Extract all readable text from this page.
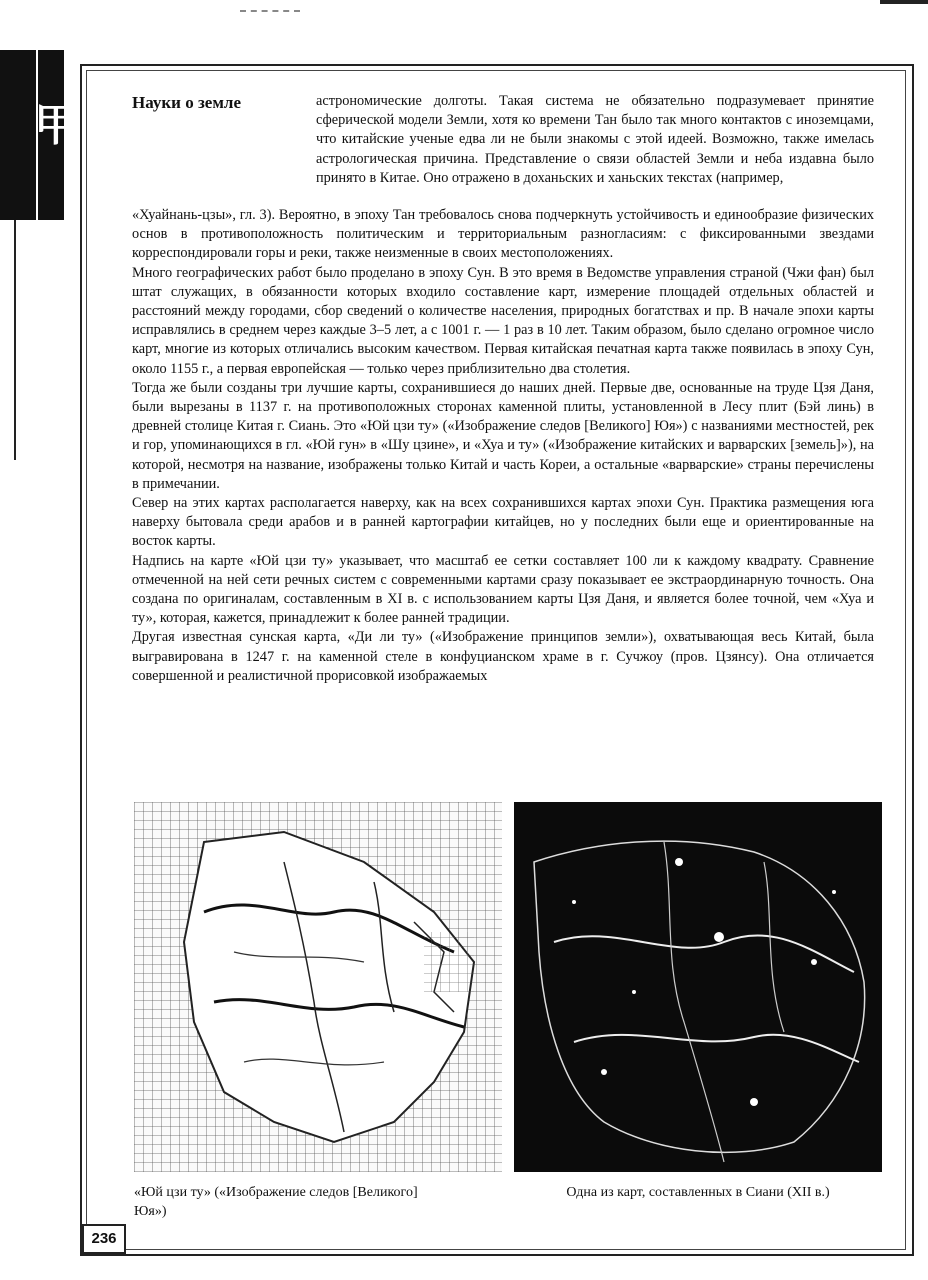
甲	Науки о земле	астрономические долготы. Такая система не обязательно подразумевает принятие сферической модели Земли, хотя ко времени Тан было так много контактов с иноземцами, что китайские ученые едва ли не были знакомы с этой идеей. Возможно, также имелась астрологическая причина. Представление о связи областей Земли и неба издавна было принято в Китае. Оно отражено в доханьских и ханьских текстах (например,

«Хуайнань-цзы», гл. 3). Вероятно, в эпоху Тан требовалось снова подчеркнуть устойчивость и единообразие физических основ в противоположность политическим и территориальным разногласиям: с фиксированными звездами корреспондировали горы и реки, также неизменные в своих местоположениях.

Много географических работ было проделано в эпоху Сун. В это время в Ведомстве управления страной (Чжи фан) был штат служащих, в обязанности которых входило составление карт, измерение площадей отдельных областей и расстояний между городами, сбор сведений о количестве населения, природных богатствах и пр. В начале эпохи карты исправлялись в среднем через каждые 3–5 лет, а с 1001 г. — 1 раз в 10 лет. Таким образом, было сделано огромное число карт, многие из которых отличались высоким качеством. Первая китайская печатная карта также появилась в эпоху Сун, около 1155 г., а первая европейская — только через приблизительно два столетия.

Тогда же были созданы три лучшие карты, сохранившиеся до наших дней. Первые две, основанные на труде Цзя Даня, были вырезаны в 1137 г. на противоположных сторонах каменной плиты, установленной в Лесу плит (Бэй линь) в древней столице Китая г. Сиань. Это «Юй цзи ту» («Изображение следов [Великого] Юя») с названиями местностей, рек и гор, упоминающихся в гл. «Юй гун» в «Шу цзине», и «Хуа и ту» («Изображение китайских и варварских [земель]»), на которой, несмотря на название, изображены только Китай и часть Кореи, а остальные «варварские» страны перечислены в примечании.

Север на этих картах располагается наверху, как на всех сохранившихся картах эпохи Сун. Практика размещения юга наверху бытовала среди арабов и в ранней картографии китайцев, но у последних были еще и ориентированные на восток карты.

Надпись на карте «Юй цзи ту» указывает, что масштаб ее сетки составляет 100 ли к каждому квадрату. Сравнение отмеченной на ней сети речных систем с современными картами сразу показывает ее экстраординарную точность. Она создана по оригиналам, составленным в XI в. с использованием карты Цзя Даня, и является более точной, чем «Хуа и ту», которая, кажется, принадлежит к более ранней традиции.

Другая известная сунская карта, «Ди ли ту» («Изображение принципов земли»), охватывающая весь Китай, была выгравирована в 1247 г. на каменной стеле в конфуцианском храме в г. Сучжоу (пров. Цзянсу). Она отличается совершенной и реалистичной прорисовкой изображаемых

«Юй цзи ту» («Изображение следов [Великого] Юя»)
Одна из карт, составленных в Сиани (XII в.)
236
